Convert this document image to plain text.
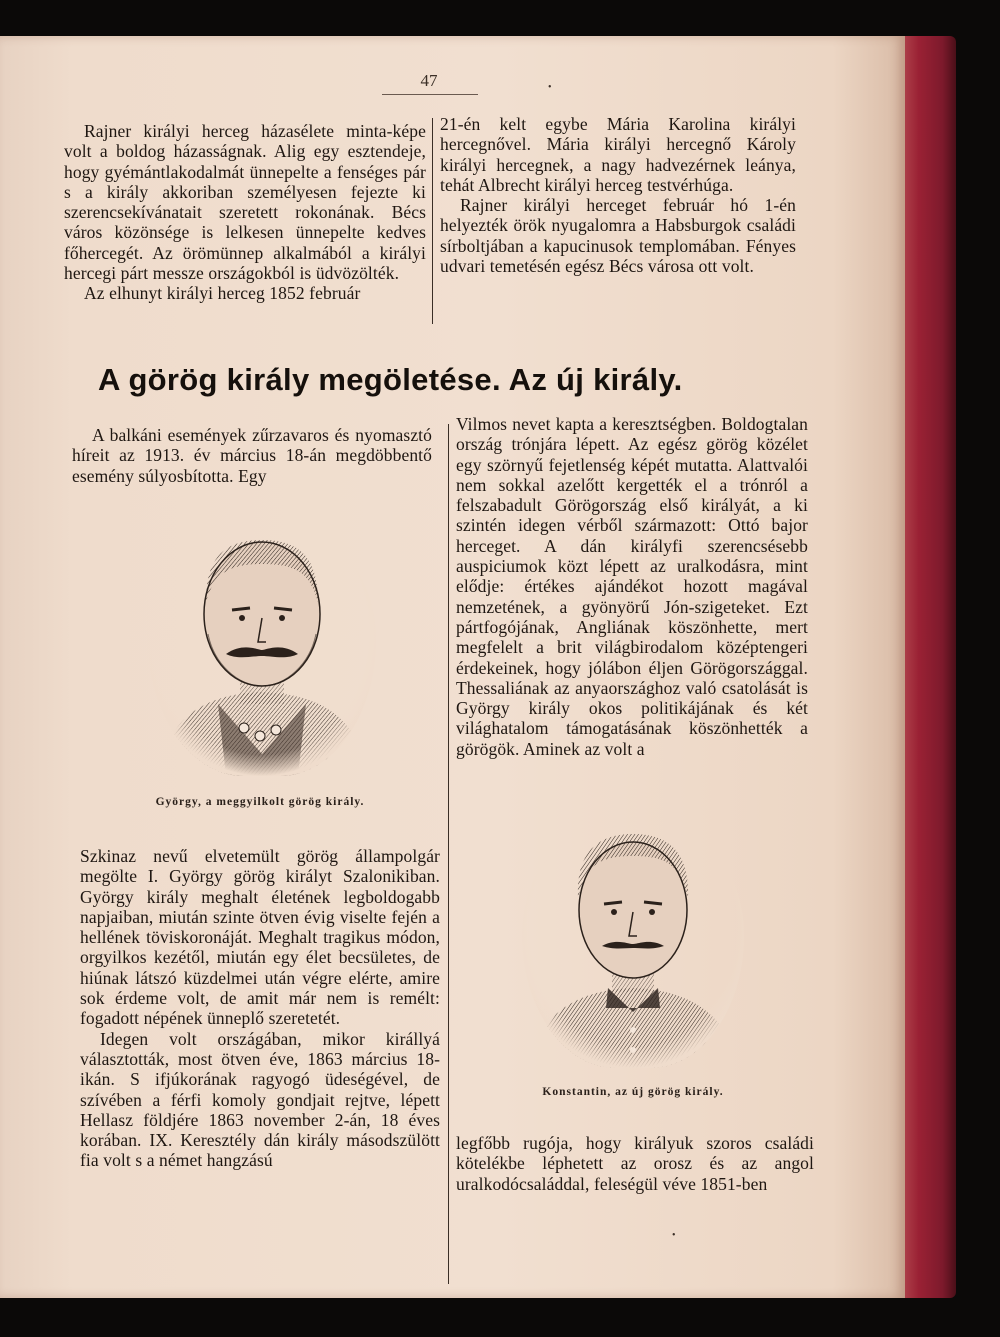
47	•

Rajner királyi herceg házasélete minta-képe volt a boldog házasságnak. Alig egy esztendeje, hogy gyémántlakodalmát ünnepelte a fenséges pár s a király akkoriban személyesen fejezte ki szerencsekívánatait szeretett rokonának. Bécs város közönsége is lelkesen ünnepelte kedves főhercegét. Az örömünnep alkalmából a királyi hercegi párt messze országokból is üdvözölték.

Az elhunyt királyi herceg 1852 február

21-én kelt egybe Mária Karolina királyi hercegnővel. Mária királyi hercegnő Károly királyi hercegnek, a nagy hadvezérnek leánya, tehát Albrecht királyi herceg testvérhúga.

Rajner királyi herceget február hó 1-én helyezték örök nyugalomra a Habsburgok családi sírboltjában a kapucinusok templomában. Fényes udvari temetésén egész Bécs városa ott volt.

A görög király megöletése. Az új király.

A balkáni események zűrzavaros és nyomasztó híreit az 1913. év március 18-án megdöbbentő esemény súlyosbította. Egy

György, a meggyilkolt görög király.

Szkinaz nevű elvetemült görög állampolgár megölte I. György görög királyt Szalonikiban. György király meghalt életének legboldogabb napjaiban, miután szinte ötven évig viselte fején a hellének töviskoronáját. Meghalt tragikus módon, orgyilkos kezétől, miután egy élet becsületes, de hiúnak látszó küzdelmei után végre elérte, amire sok érdeme volt, de amit már nem is remélt: fogadott népének ünneplő szeretetét.

Idegen volt országában, mikor királlyá választották, most ötven éve, 1863 március 18-ikán. S ifjúkorának ragyogó üdeségével, de szívében a férfi komoly gondjait rejtve, lépett Hellasz földjére 1863 november 2-án, 18 éves korában. IX. Keresztély dán király másodszülött fia volt s a német hangzású

Vilmos nevet kapta a keresztségben. Boldogtalan ország trónjára lépett. Az egész görög közélet egy szörnyű fejetlenség képét mutatta. Alattvalói nem sokkal azelőtt kergették el a trónról a felszabadult Görögország első királyát, a ki szintén idegen vérből származott: Ottó bajor herceget. A dán királyfi szerencsésebb auspiciumok közt lépett az uralkodásra, mint elődje: értékes ajándékot hozott magával nemzetének, a gyönyörű Jón-szigeteket. Ezt pártfogójának, Angliának köszönhette, mert megfelelt a brit világbirodalom középtengeri érdekeinek, hogy jólábon éljen Görögországgal. Thessaliának az anyaországhoz való csatolását is György király okos politikájának és két világhatalom támogatásának köszönhették a görögök. Aminek az volt a

Konstantin, az új görög király.

legfőbb rugója, hogy királyuk szoros családi kötelékbe léphetett az orosz és az angol uralkodócsaláddal, feleségül véve 1851-ben

•
